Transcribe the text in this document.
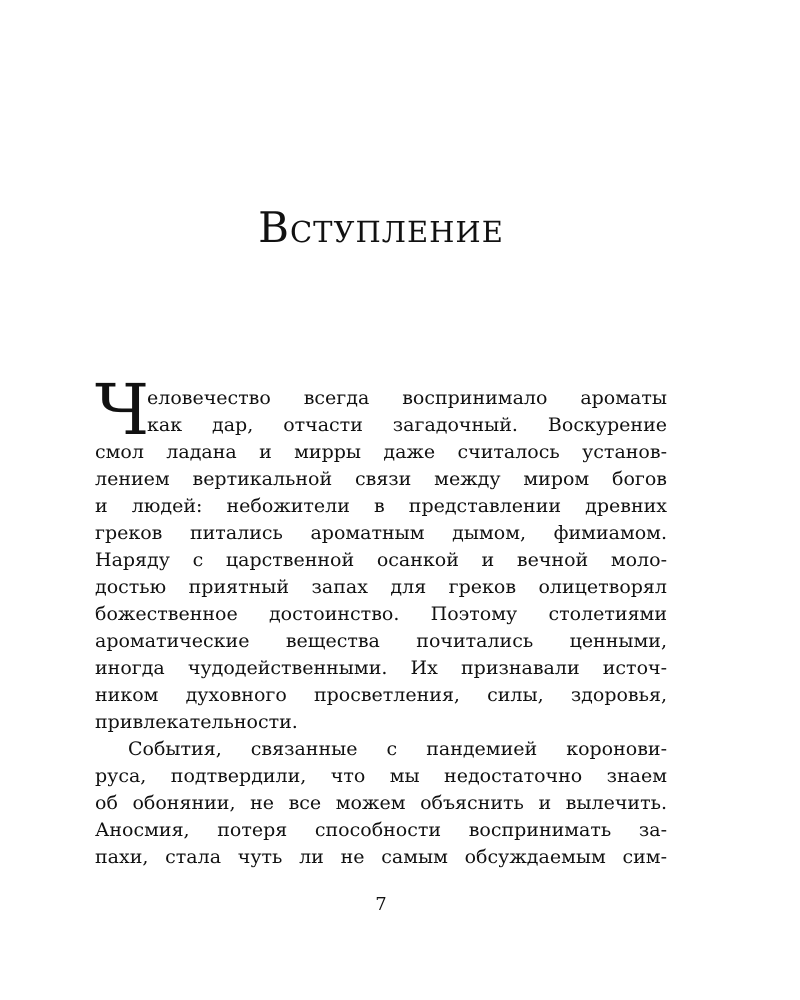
Вступление
Ч
еловечество всегда воспринимало ароматы
как дар, отчасти загадочный. Воскурение
смол ладана и мирры даже считалось установ-
лением вертикальной связи между миром богов
и людей: небожители в представлении древних
греков питались ароматным дымом, фимиамом.
Наряду с царственной осанкой и вечной моло-
достью приятный запах для греков олицетворял
божественное достоинство. Поэтому столетиями
ароматические вещества почитались ценными,
иногда чудодейственными. Их признавали источ-
ником духовного просветления, силы, здоровья,
привлекательности.
События, связанные с пандемией коронови-
руса, подтвердили, что мы недостаточно знаем
об обонянии, не все можем объяснить и вылечить.
Аносмия, потеря способности воспринимать за-
пахи, стала чуть ли не самым обсуждаемым сим-
7
